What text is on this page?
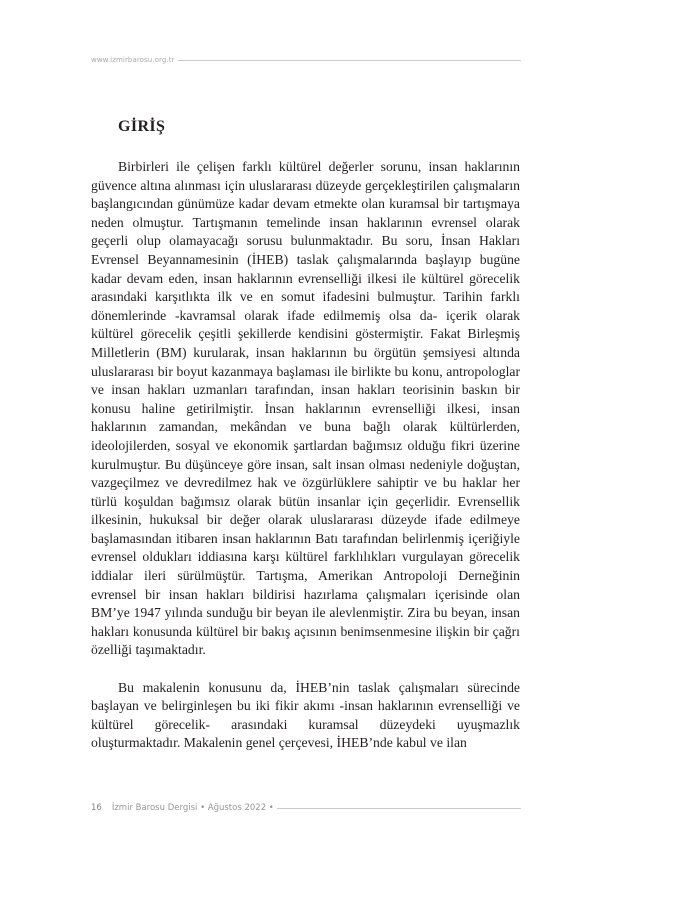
www.izmirbarosu.org.tr
GİRİŞ

Birbirleri ile çelişen farklı kültürel değerler sorunu, insan haklarının güvence altına alınması için uluslararası düzeyde gerçekleştirilen çalışmaların başlangıcından günümüze kadar devam etmekte olan kuramsal bir tartışmaya neden olmuştur. Tartışmanın temelinde insan haklarının evrensel olarak geçerli olup olamayacağı sorusu bulunmaktadır. Bu soru, İnsan Hakları Evrensel Beyannamesinin (İHEB) taslak çalışmalarında başlayıp bugüne kadar devam eden, insan haklarının evrenselliği ilkesi ile kültürel görecelik arasındaki karşıtlıkta ilk ve en somut ifadesini bulmuştur. Tarihin farklı dönemlerinde -kavramsal olarak ifade edilmemiş olsa da- içerik olarak kültürel görecelik çeşitli şekillerde kendisini göstermiştir. Fakat Birleşmiş Milletlerin (BM) kurularak, insan haklarının bu örgütün şemsiyesi altında uluslararası bir boyut kazanmaya başlaması ile birlikte bu konu, antropologlar ve insan hakları uzmanları tarafından, insan hakları teorisinin baskın bir konusu haline getirilmiştir. İnsan haklarının evrenselliği ilkesi, insan haklarının zamandan, mekândan ve buna bağlı olarak kültürlerden, ideolojilerden, sosyal ve ekonomik şartlardan bağımsız olduğu fikri üzerine kurulmuştur. Bu düşünceye göre insan, salt insan olması nedeniyle doğuştan, vazgeçilmez ve devredilmez hak ve özgürlüklere sahiptir ve bu haklar her türlü koşuldan bağımsız olarak bütün insanlar için geçerlidir. Evrensellik ilkesinin, hukuksal bir değer olarak uluslararası düzeyde ifade edilmeye başlamasından itibaren insan haklarının Batı tarafından belirlenmiş içeriğiyle evrensel oldukları iddiasına karşı kültürel farklılıkları vurgulayan görecelik iddialar ileri sürülmüştür. Tartışma, Amerikan Antropoloji Derneğinin evrensel bir insan hakları bildirisi hazırlama çalışmaları içerisinde olan BM’ye 1947 yılında sunduğu bir beyan ile alevlenmiştir. Zira bu beyan, insan hakları konusunda kültürel bir bakış açısının benimsenmesine ilişkin bir çağrı özelliği taşımaktadır.

Bu makalenin konusunu da, İHEB’nin taslak çalışmaları sürecinde başlayan ve belirginleşen bu iki fikir akımı -insan haklarının evrenselliği ve kültürel görecelik- arasındaki kuramsal düzeydeki uyuşmazlık oluşturmaktadır. Makalenin genel çerçevesi, İHEB’nde kabul ve ilan

16 İzmir Barosu Dergisi • Ağustos 2022 •
